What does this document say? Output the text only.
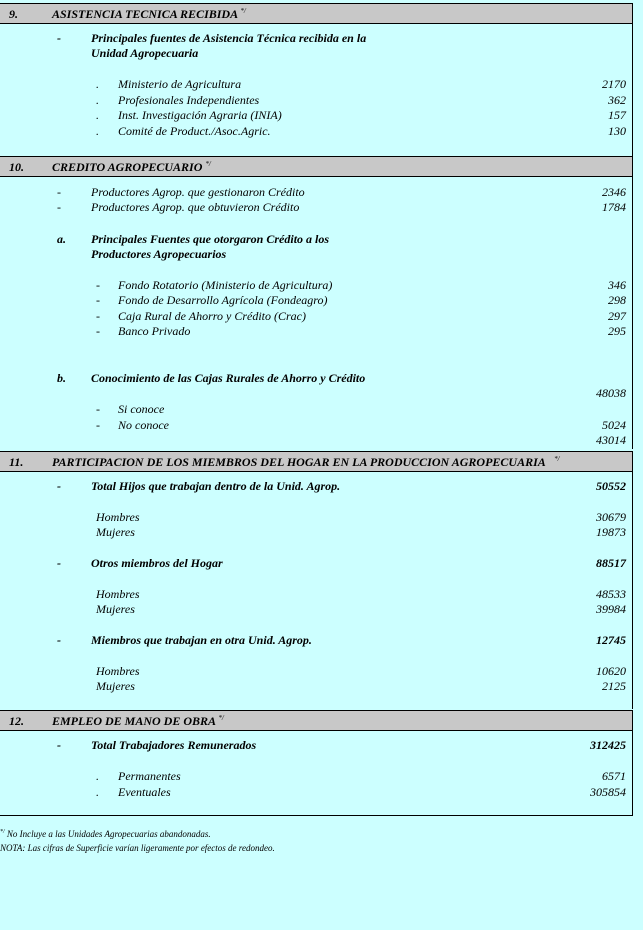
9.	ASISTENCIA TECNICA RECIBIDA */
-	Principales fuentes de Asistencia Técnica recibida en la
Unidad Agropecuaria
. Ministerio de Agricultura	2170
. Profesionales Independientes	362
. Inst. Investigación Agraria (INIA)	157
. Comité de Product./Asoc.Agric.	130
10. CREDITO AGROPECUARIO */
-	Productores Agrop. que gestionaron Crédito	2346
-	Productores Agrop. que obtuvieron Crédito	1784
a. Principales Fuentes que otorgaron Crédito a los
Productores Agropecuarios
- Fondo Rotatorio (Ministerio de Agricultura)	346
- Fondo de Desarrollo Agrícola (Fondeagro)	298
- Caja Rural de Ahorro y Crédito (Crac)	297
- Banco Privado	295
b. Conocimiento de las Cajas Rurales de Ahorro y Crédito
48038
- Si conoce
- No conoce	5024
43014
11. PARTICIPACION DE LOS MIEMBROS DEL HOGAR EN LA PRODUCCION AGROPECUARIA */
-	Total Hijos que trabajan dentro de la Unid. Agrop.	50552
Hombres	30679
Mujeres	19873
-	Otros miembros del Hogar	88517
Hombres	48533
Mujeres	39984
-	Miembros que trabajan en otra Unid. Agrop.	12745
Hombres	10620
Mujeres	2125
12. EMPLEO DE MANO DE OBRA */
-	Total Trabajadores Remunerados	312425
. Permanentes	6571
. Eventuales	305854
*/ No Incluye a las Unidades Agropecuarias abandonadas.
NOTA: Las cifras de Superficie varían ligeramente por efectos de redondeo.
